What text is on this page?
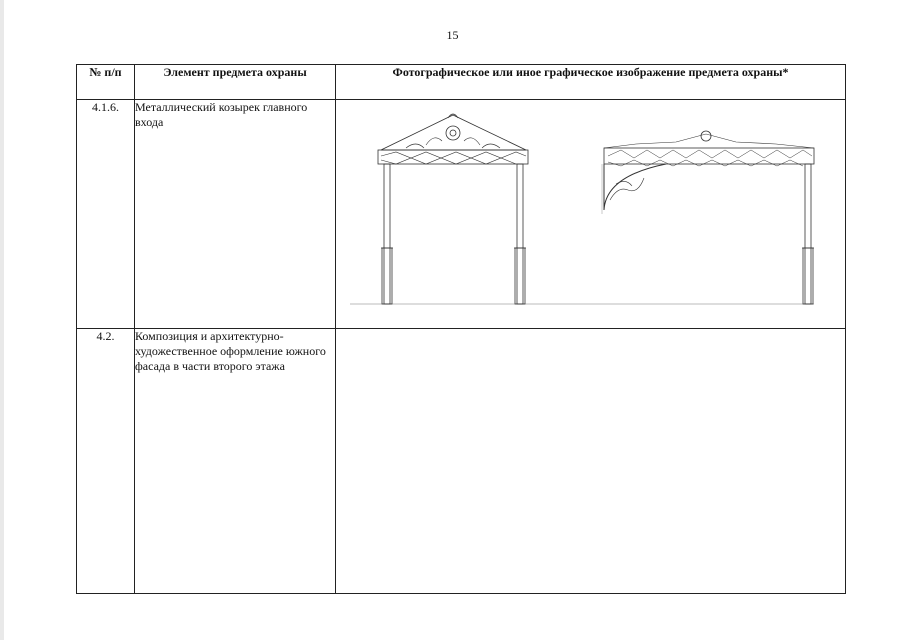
15
№ п/п	Элемент предмета охраны	Фотографическое или иное графическое изображение предмета охраны*
4.1.6.	Металлический козырек главного входа	

4.2.	Композиция и архитектурно-художественное оформление южного фасада в части второго этажа	
